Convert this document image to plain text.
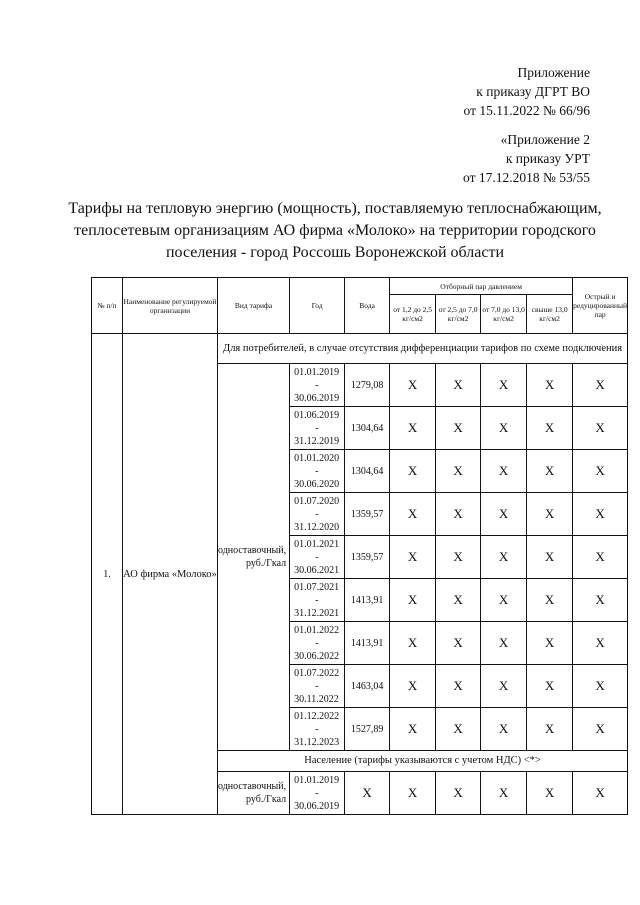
Приложение
к приказу ДГРТ ВО
от 15.11.2022 № 66/96
«Приложение 2
к приказу УРТ
от 17.12.2018 № 53/55
Тарифы на тепловую энергию (мощность), поставляемую теплоснабжающим,
теплосетевым организациям АО фирма «Молоко» на территории городского
поселения - город Россошь Воронежской области
№ п/п	Наименование регулируемой организации	Вид тарифа	Год	Вода	Отборный пар давлением				Острый и редуцированный пар
					от 1,2 до 2,5 кг/см2	от 2,5 до 7,0 кг/см2	от 7,0 до 13,0 кг/см2	свыше 13,0 кг/см2	
1.	АО фирма «Молоко»	Для потребителей, в случае отсутствия дифференциации тарифов по схеме подключения							
		одноставочный, руб./Гкал	01.01.2019
-
30.06.2019	1279,08	X	X	X	X	X

			01.06.2019
-
31.12.2019	1304,64	X	X	X	X	X

			01.01.2020
-
30.06.2020	1304,64	X	X	X	X	X

			01.07.2020
-
31.12.2020	1359,57	X	X	X	X	X

			01.01.2021
-
30.06.2021	1359,57	X	X	X	X	X

			01.07.2021
-
31.12.2021	1413,91	X	X	X	X	X

			01.01.2022
-
30.06.2022	1413,91	X	X	X	X	X

			01.07.2022
-
30.11.2022	1463,04	X	X	X	X	X

			01.12.2022
-
31.12.2023	1527,89	X	X	X	X	X
		Население (тарифы указываются с учетом НДС) <*>							
		одноставочный, руб./Гкал	01.01.2019
-
30.06.2019	X	X	X	X	X	X
